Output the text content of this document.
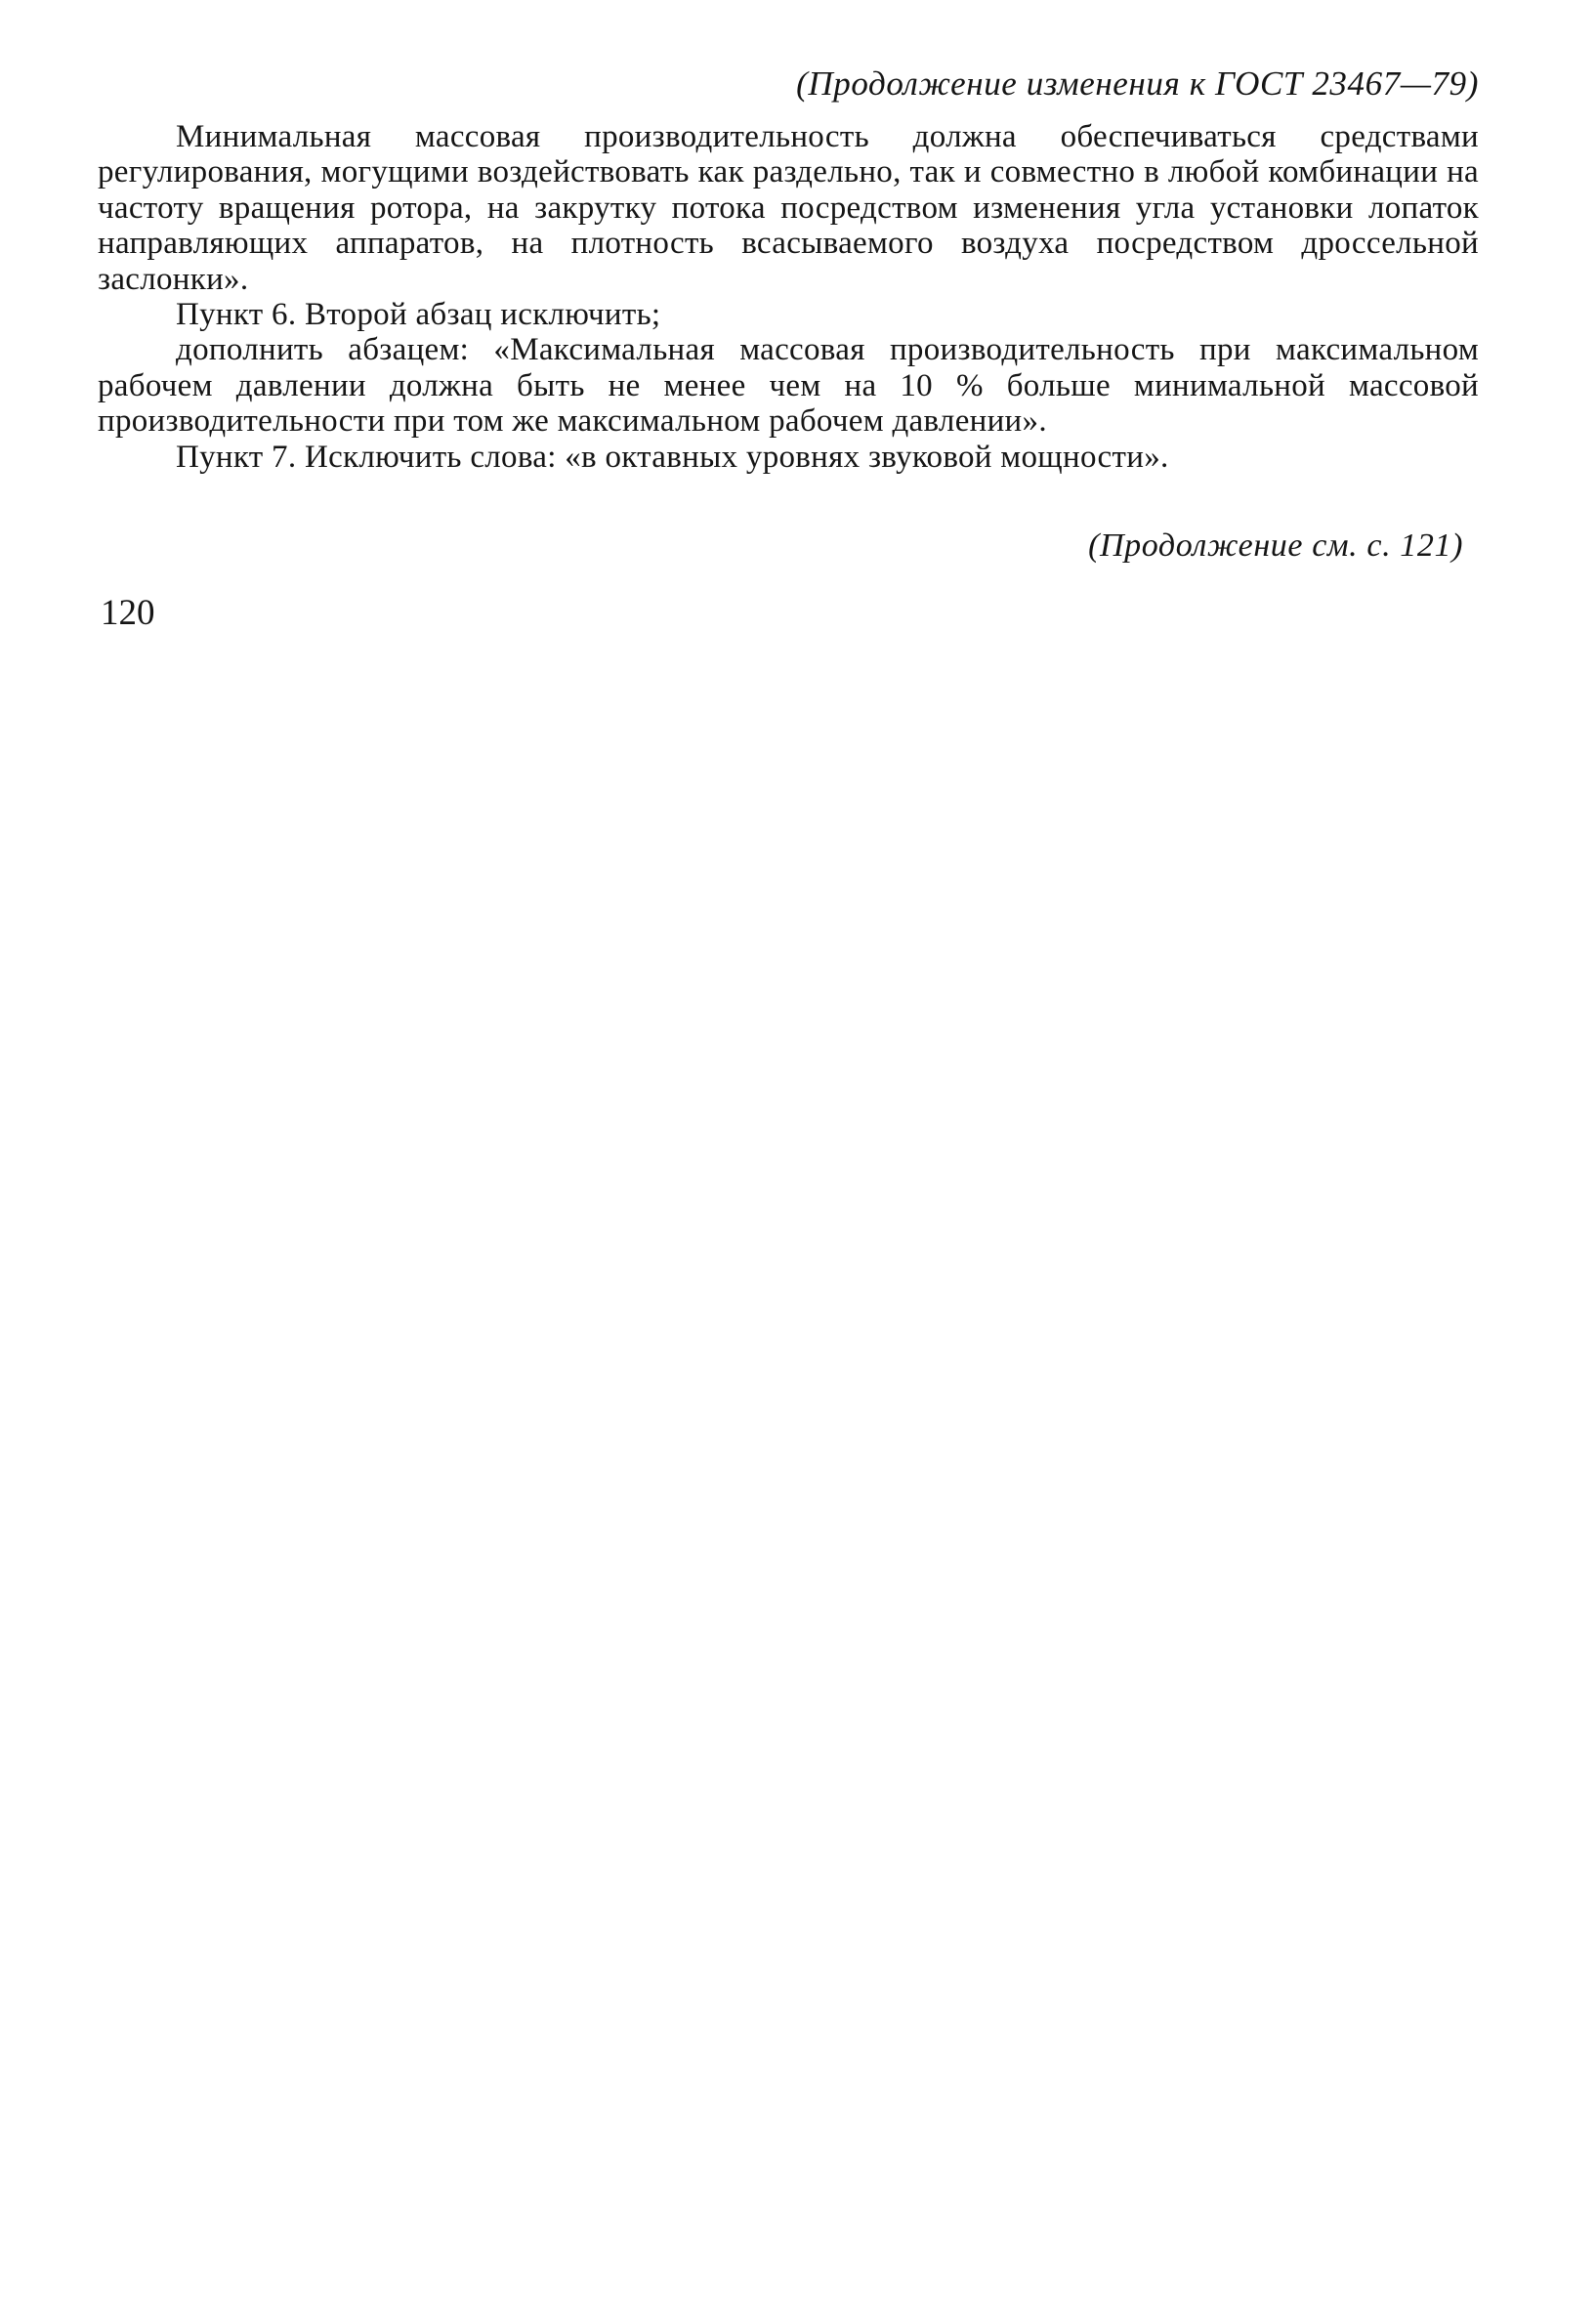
(Продолжение изменения к ГОСТ 23467—79)

Минимальная массовая производительность должна обеспечиваться средствами регулирования, могущими воздействовать как раздельно, так и совместно в любой комбинации на частоту вращения ротора, на закрутку потока посредством изменения угла установки лопаток направляющих аппаратов, на плотность всасываемого воздуха посредством дроссельной заслонки».

Пункт 6. Второй абзац исключить;

дополнить абзацем: «Максимальная массовая производительность при максимальном рабочем давлении должна быть не менее чем на 10 % больше минимальной массовой производительности при том же максимальном рабочем давлении».

Пункт 7. Исключить слова: «в октавных уровнях звуковой мощности».

(Продолжение см. с. 121)
120
